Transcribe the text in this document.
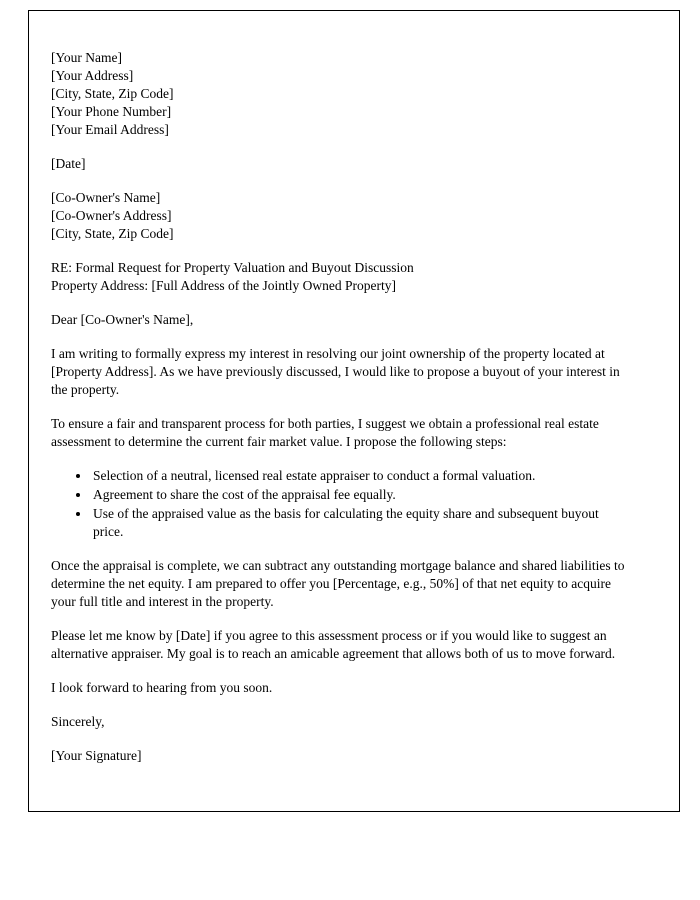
[Your Name]

[Your Address]

[City, State, Zip Code]

[Your Phone Number]

[Your Email Address]

[Date]

[Co-Owner's Name]

[Co-Owner's Address]

[City, State, Zip Code]

RE: Formal Request for Property Valuation and Buyout Discussion

Property Address: [Full Address of the Jointly Owned Property]

Dear [Co-Owner's Name],

I am writing to formally express my interest in resolving our joint ownership of the property located at [Property Address]. As we have previously discussed, I would like to propose a buyout of your interest in the property.

To ensure a fair and transparent process for both parties, I suggest we obtain a professional real estate assessment to determine the current fair market value. I propose the following steps:

• Selection of a neutral, licensed real estate appraiser to conduct a formal valuation.
• Agreement to share the cost of the appraisal fee equally.
• Use of the appraised value as the basis for calculating the equity share and subsequent buyout price.

Once the appraisal is complete, we can subtract any outstanding mortgage balance and shared liabilities to determine the net equity. I am prepared to offer you [Percentage, e.g., 50%] of that net equity to acquire your full title and interest in the property.

Please let me know by [Date] if you agree to this assessment process or if you would like to suggest an alternative appraiser. My goal is to reach an amicable agreement that allows both of us to move forward.

I look forward to hearing from you soon.

Sincerely,

[Your Signature]
